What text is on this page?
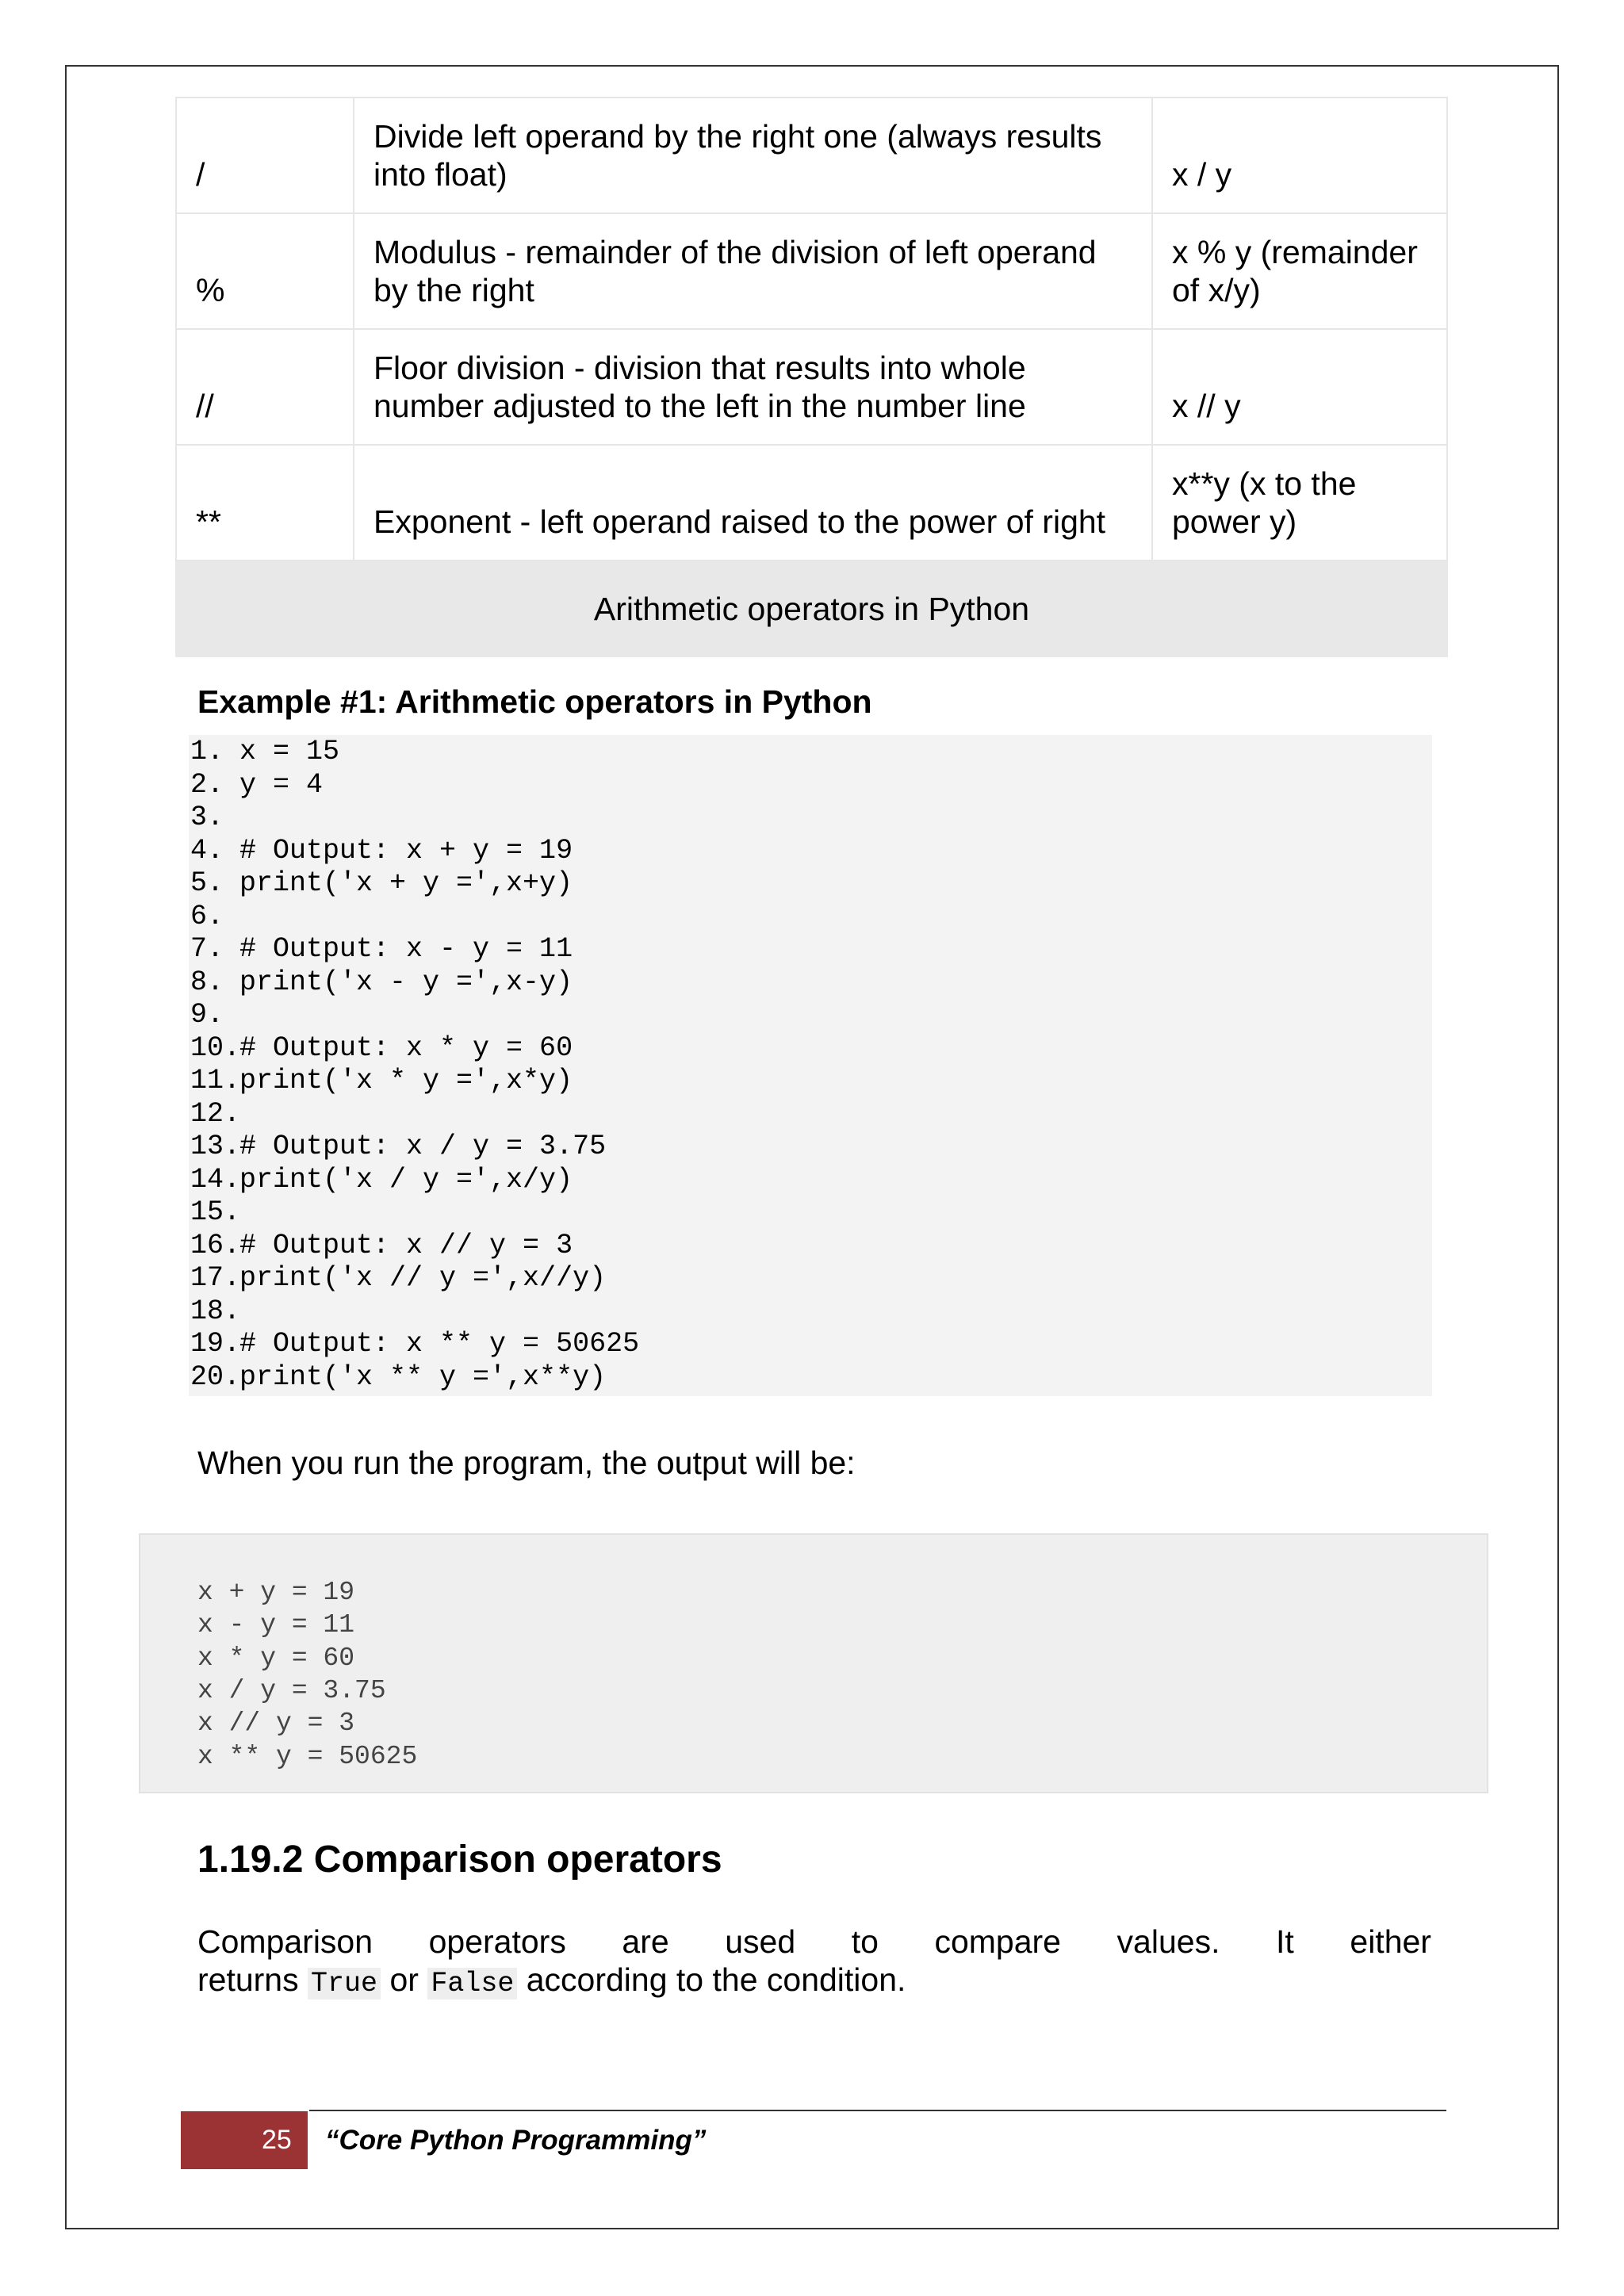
/	Divide left operand by the right one (always results into float)	x / y
%	Modulus - remainder of the division of left operand by the right	x % y (remainder of x/y)
//	Floor division - division that results into whole number adjusted to the left in the number line	x // y
**	Exponent - left operand raised to the power of right	x**y (x to the power y)
Arithmetic operators in Python		
Example #1: Arithmetic operators in Python
1. x = 15
2. y = 4
3.
4. # Output: x + y = 19
5. print('x + y =',x+y)
6.
7. # Output: x - y = 11
8. print('x - y =',x-y)
9.
10.
# Output: x * y = 60
11.
print('x * y =',x*y)
12.
13.
# Output: x / y = 3.75
14.
print('x / y =',x/y)
15.
16.
# Output: x // y = 3
17.
print('x // y =',x//y)
18.
19.
# Output: x ** y = 50625
20.
print('x ** y =',x**y)
When you run the program, the output will be:
x + y = 19
x - y = 11
x * y = 60
x / y = 3.75
x // y = 3
x ** y = 50625
1.19.2 Comparison operators
Comparison operators are used to compare values. It either
returns True or False according to the condition.
25	“Core Python Programming”
